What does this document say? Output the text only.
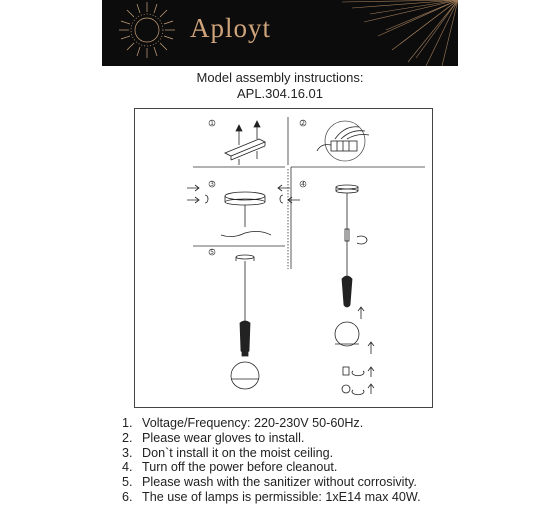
Aployt
Model assembly instructions:
APL.304.16.01
1	2
3	4
5
1. Voltage/Frequency: 220-230V 50-60Hz.
2. Please wear gloves to install.
3. Don`t install it on the moist ceiling.
4. Turn off the power before cleanout.
5. Please wash with the sanitizer without corrosivity.
6. The use of lamps is permissible: 1xE14 max 40W.
